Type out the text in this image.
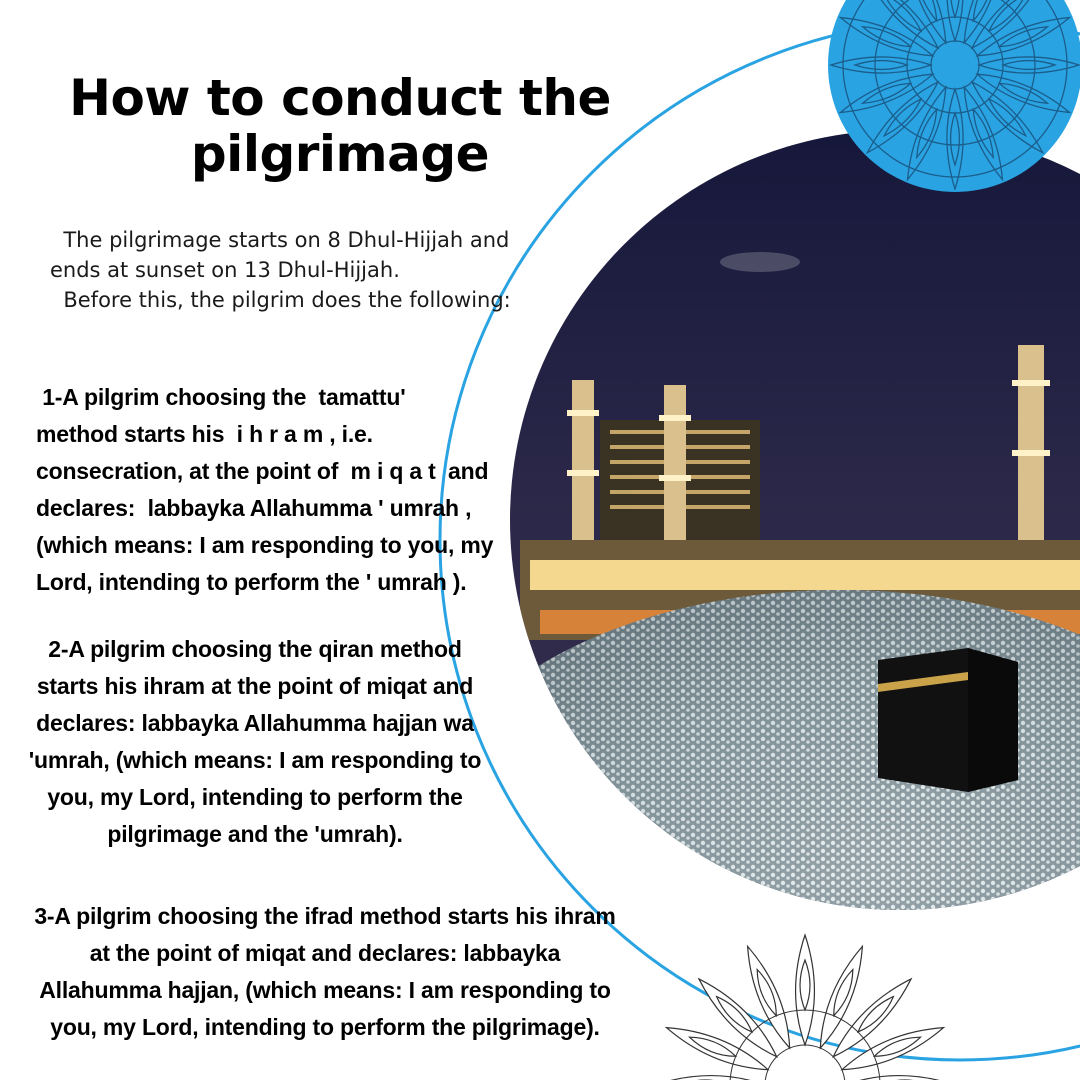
How to conduct the
pilgrimage
The pilgrimage starts on 8 Dhul-Hijjah and
ends at sunset on 13 Dhul-Hijjah.
Before this, the pilgrim does the following:
1-A pilgrim choosing the  tamattu'
method starts his  i h r a m , i.e.
consecration, at the point of  m i q a t  and
declares:  labbayka Allahumma ' umrah ,
(which means: I am responding to you, my
Lord, intending to perform the ' umrah ).
2-A pilgrim choosing the qiran method
starts his ihram at the point of miqat and
declares: labbayka Allahumma hajjan wa
'umrah, (which means: I am responding to
you, my Lord, intending to perform the
pilgrimage and the 'umrah).
3-A pilgrim choosing the ifrad method starts his ihram
at the point of miqat and declares: labbayka
Allahumma hajjan, (which means: I am responding to
you, my Lord, intending to perform the pilgrimage).
